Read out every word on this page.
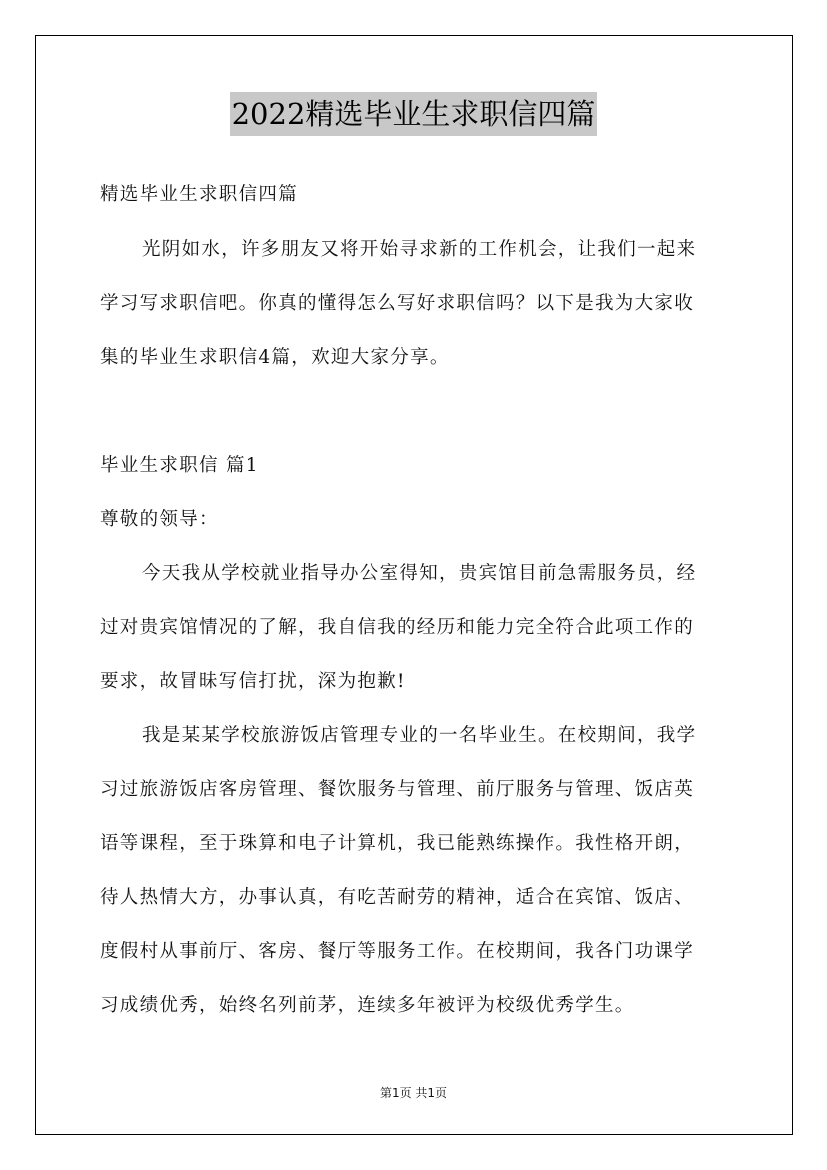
2022精选毕业生求职信四篇
精选毕业生求职信四篇
光阴如水，许多朋友又将开始寻求新的工作机会，让我们一起来
学习写求职信吧。你真的懂得怎么写好求职信吗？以下是我为大家收
集的毕业生求职信4篇，欢迎大家分享。
毕业生求职信 篇1
尊敬的领导：
今天我从学校就业指导办公室得知，贵宾馆目前急需服务员，经
过对贵宾馆情况的了解，我自信我的经历和能力完全符合此项工作的
要求，故冒昧写信打扰，深为抱歉!
我是某某学校旅游饭店管理专业的一名毕业生。在校期间，我学
习过旅游饭店客房管理、餐饮服务与管理、前厅服务与管理、饭店英
语等课程，至于珠算和电子计算机，我已能熟练操作。我性格开朗，
待人热情大方，办事认真，有吃苦耐劳的精神，适合在宾馆、饭店、
度假村从事前厅、客房、餐厅等服务工作。在校期间，我各门功课学
习成绩优秀，始终名列前茅，连续多年被评为校级优秀学生。
第1页 共1页
